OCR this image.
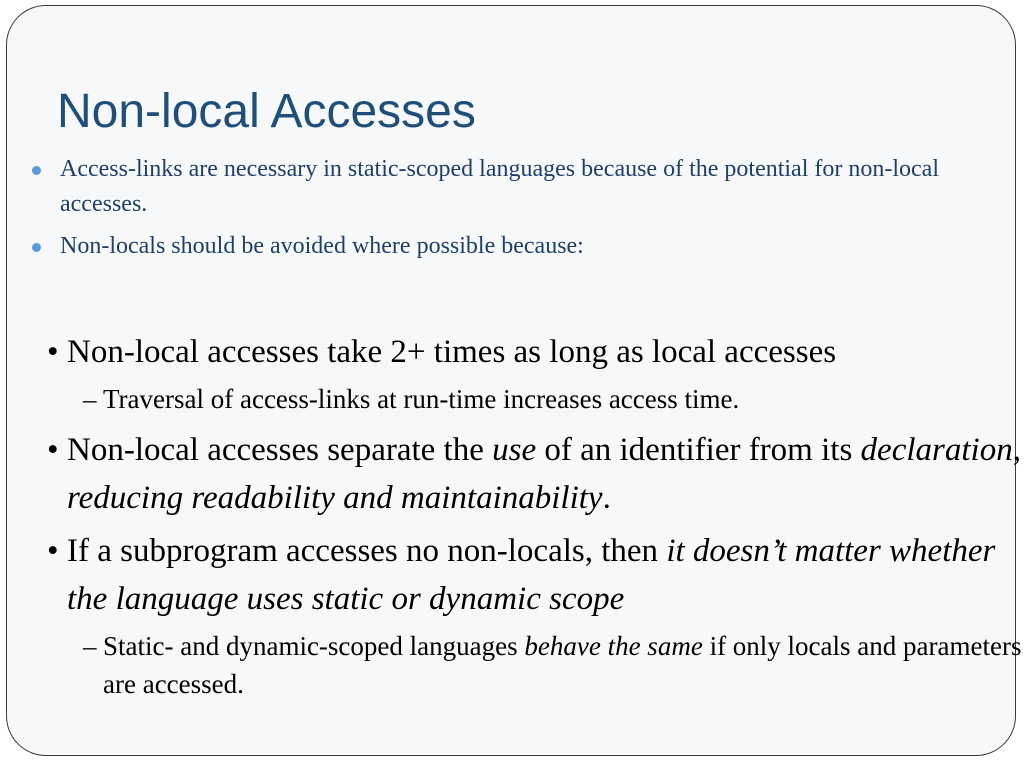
Non-local Accesses
Access-links are necessary in static-scoped languages because of the potential for non-local accesses.
Non-locals should be avoided where possible because:
• Non-local accesses take 2+ times as long as local accesses
– Traversal of access-links at run-time increases access time.
• Non-local accesses separate the use of an identifier from its declaration, reducing readability and maintainability.
• If a subprogram accesses no non-locals, then it doesn’t matter whether the language uses static or dynamic scope
– Static- and dynamic-scoped languages behave the same if only locals and parameters are accessed.
